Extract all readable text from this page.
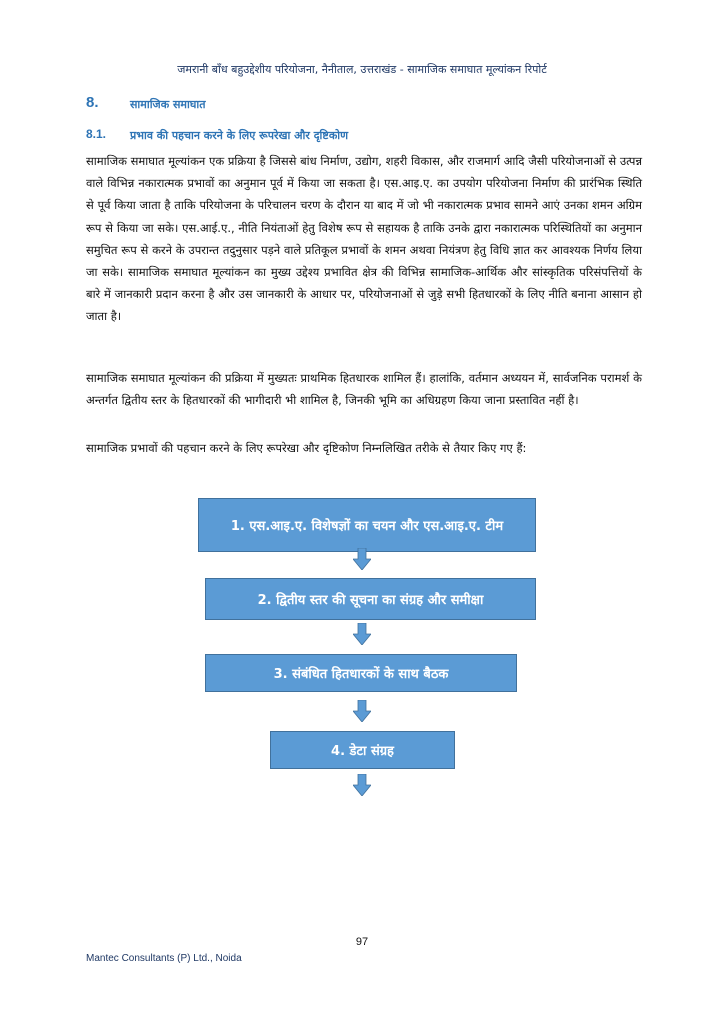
जमरानी बाँध बहुउद्देशीय परियोजना, नैनीताल, उत्तराखंड - सामाजिक समाघात मूल्यांकन रिपोर्ट
8.	सामाजिक समाघात
8.1. प्रभाव की पहचान करने के लिए रूपरेखा और दृष्टिकोण

सामाजिक समाघात मूल्यांकन एक प्रक्रिया है जिससे बांध निर्माण, उद्योग, शहरी विकास, और राजमार्ग आदि जैसी परियोजनाओं से उत्पन्न वाले विभिन्न नकारात्मक प्रभावों का अनुमान पूर्व में किया जा सकता है। एस.आइ.ए. का उपयोग परियोजना निर्माण की प्रारंभिक स्थिति से पूर्व किया जाता है ताकि परियोजना के परिचालन चरण के दौरान या बाद में जो भी नकारात्मक प्रभाव सामने आएं उनका शमन अग्रिम रूप से किया जा सके। एस.आई.ए., नीति नियंताओं हेतु विशेष रूप से सहायक है ताकि उनके द्वारा नकारात्मक परिस्थितियों का अनुमान समुचित रूप से करने के उपरान्त तदुनुसार पड़ने वाले प्रतिकूल प्रभावों के शमन अथवा नियंत्रण हेतु विधि ज्ञात कर आवश्यक निर्णय लिया जा सके। सामाजिक समाघात मूल्यांकन का मुख्य उद्देश्य प्रभावित क्षेत्र की विभिन्न सामाजिक-आर्थिक और सांस्कृतिक परिसंपत्तियों के बारे में जानकारी प्रदान करना है और उस जानकारी के आधार पर, परियोजनाओं से जुड़े सभी हितधारकों के लिए नीति बनाना आसान हो जाता है।

सामाजिक समाघात मूल्यांकन की प्रक्रिया में मुख्यतः प्राथमिक हितधारक शामिल हैं। हालांकि, वर्तमान अध्ययन में, सार्वजनिक परामर्श के अन्तर्गत द्वितीय स्तर के हितधारकों की भागीदारी भी शामिल है, जिनकी भूमि का अधिग्रहण किया जाना प्रस्तावित नहीं है।

सामाजिक प्रभावों की पहचान करने के लिए रूपरेखा और दृष्टिकोण निम्नलिखित तरीके से तैयार किए गए हैं:

1. एस.आइ.ए. विशेषज्ञों का चयन और एस.आइ.ए. टीम
2. द्वितीय स्तर की सूचना का संग्रह और समीक्षा
3. संबंधित हितधारकों के साथ बैठक
4. डेटा संग्रह
97
Mantec Consultants (P) Ltd., Noida
